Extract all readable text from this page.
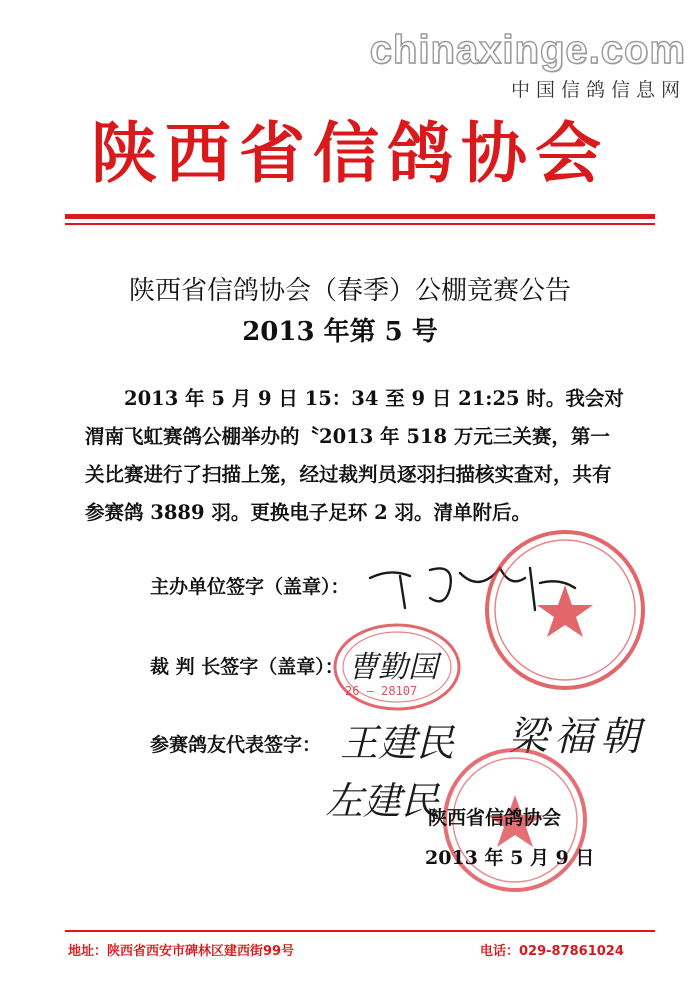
chinaxinge.com
中国信鸽信息网
陕西省信鸽协会
陕西省信鸽协会（春季）公棚竞赛公告
2013 年第 5 号
2013 年 5 月 9 日 15：34 至 9 日 21:25 时。我会对渭南飞虹赛鸽公棚举办的〝2013 年 518 万元三关赛，第一关比赛进行了扫描上笼，经过裁判员逐羽扫描核实查对，共有参赛鸽 3889 羽。更换电子足环 2 羽。清单附后。
主办单位签字（盖章）：
裁 判 长签字（盖章）： 曹勤国
26 — 28107
参赛鸽友代表签字： 王建民 梁福朝
左建民
陕西省信鸽协会
2013 年 5 月 9 日
地址：陕西省西安市碑林区建西街99号	电话：029-87861024
